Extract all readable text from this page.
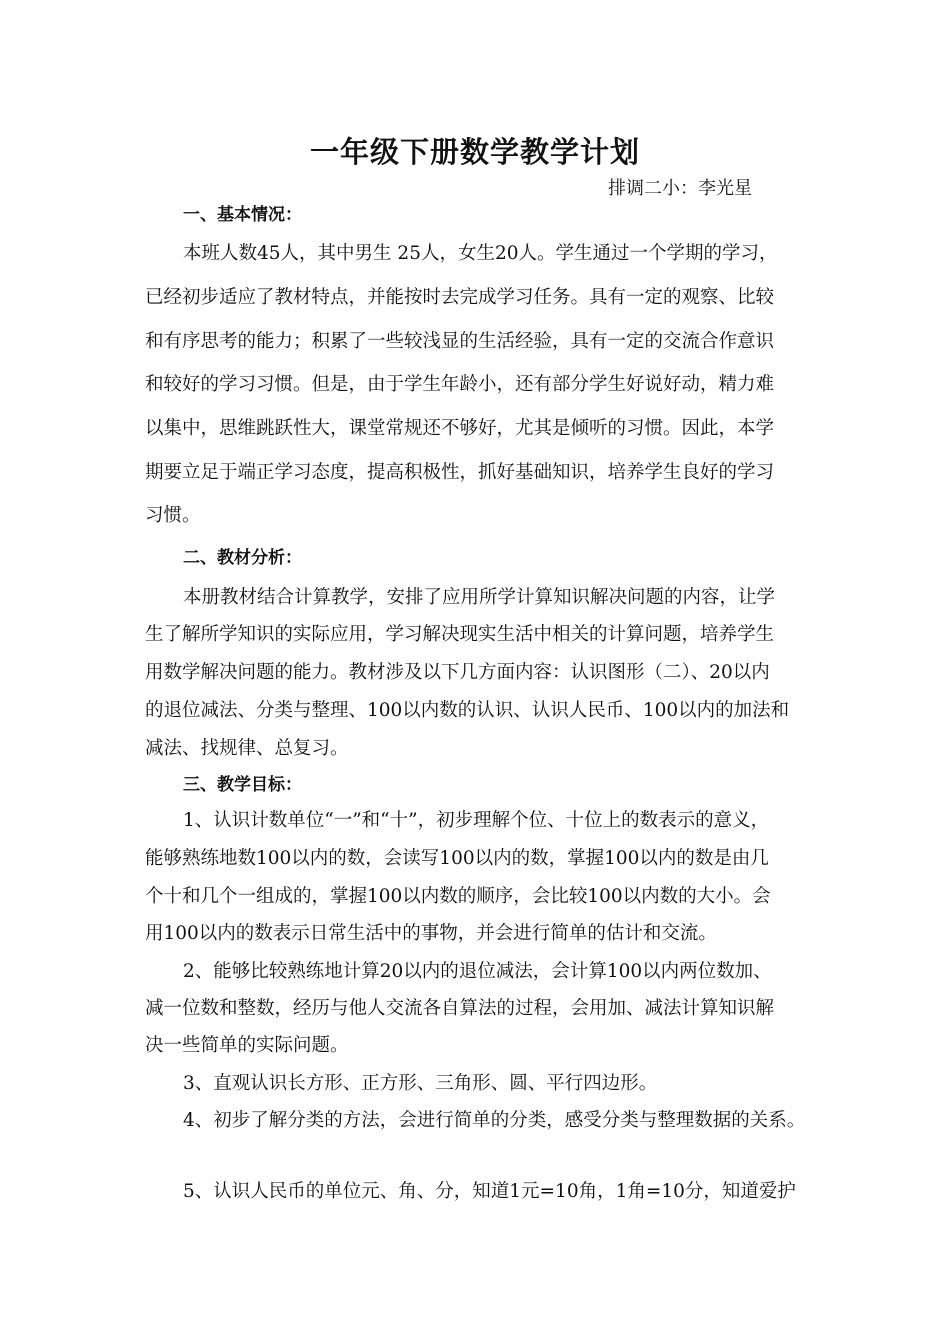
一年级下册数学教学计划
排调二小：李光星
一、基本情况：
本班人数45人，其中男生 25人，女生20人。学生通过一个学期的学习，
已经初步适应了教材特点，并能按时去完成学习任务。具有一定的观察、比较
和有序思考的能力；积累了一些较浅显的生活经验，具有一定的交流合作意识
和较好的学习习惯。但是，由于学生年龄小，还有部分学生好说好动，精力难
以集中，思维跳跃性大，课堂常规还不够好，尤其是倾听的习惯。因此，本学
期要立足于端正学习态度，提高积极性，抓好基础知识，培养学生良好的学习
习惯。
二、教材分析：
本册教材结合计算教学，安排了应用所学计算知识解决问题的内容，让学
生了解所学知识的实际应用，学习解决现实生活中相关的计算问题，培养学生
用数学解决问题的能力。教材涉及以下几方面内容：认识图形（二）、20以内
的退位减法、分类与整理、100以内数的认识、认识人民币、100以内的加法和
减法、找规律、总复习。
三、教学目标：
1、认识计数单位“一”和“十”，初步理解个位、十位上的数表示的意义，
能够熟练地数100以内的数，会读写100以内的数，掌握100以内的数是由几
个十和几个一组成的，掌握100以内数的顺序，会比较100以内数的大小。会
用100以内的数表示日常生活中的事物，并会进行简单的估计和交流。
2、能够比较熟练地计算20以内的退位减法，会计算100以内两位数加、
减一位数和整数，经历与他人交流各自算法的过程，会用加、减法计算知识解
决一些简单的实际问题。
3、直观认识长方形、正方形、三角形、圆、平行四边形。
4、初步了解分类的方法，会进行简单的分类，感受分类与整理数据的关系。
5、认识人民币的单位元、角、分，知道1元=10角，1角=10分，知道爱护
